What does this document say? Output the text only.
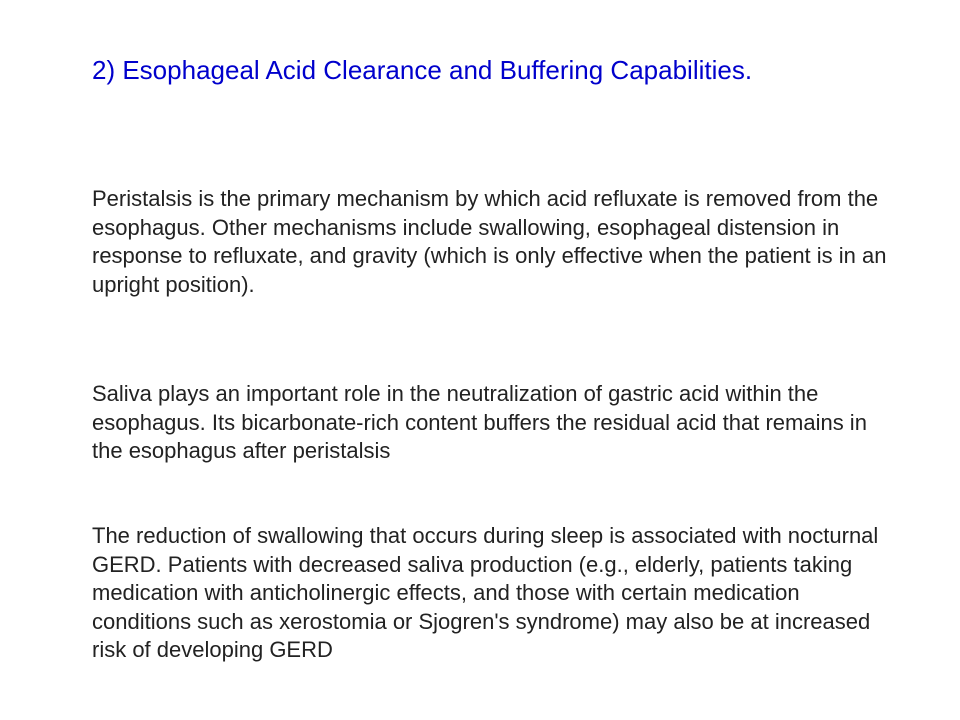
2) Esophageal Acid Clearance and Buffering Capabilities.

Peristalsis is the primary mechanism by which acid refluxate is removed from the esophagus. Other mechanisms include swallowing, esophageal distension in response to refluxate, and gravity (which is only effective when the patient is in an upright position).

Saliva plays an important role in the neutralization of gastric acid within the esophagus. Its bicarbonate-rich content buffers the residual acid that remains in the esophagus after peristalsis

The reduction of swallowing that occurs during sleep is associated with nocturnal GERD. Patients with decreased saliva production (e.g., elderly, patients taking medication with anticholinergic effects, and those with certain medication conditions such as xerostomia or Sjogren's syndrome) may also be at increased risk of developing GERD
